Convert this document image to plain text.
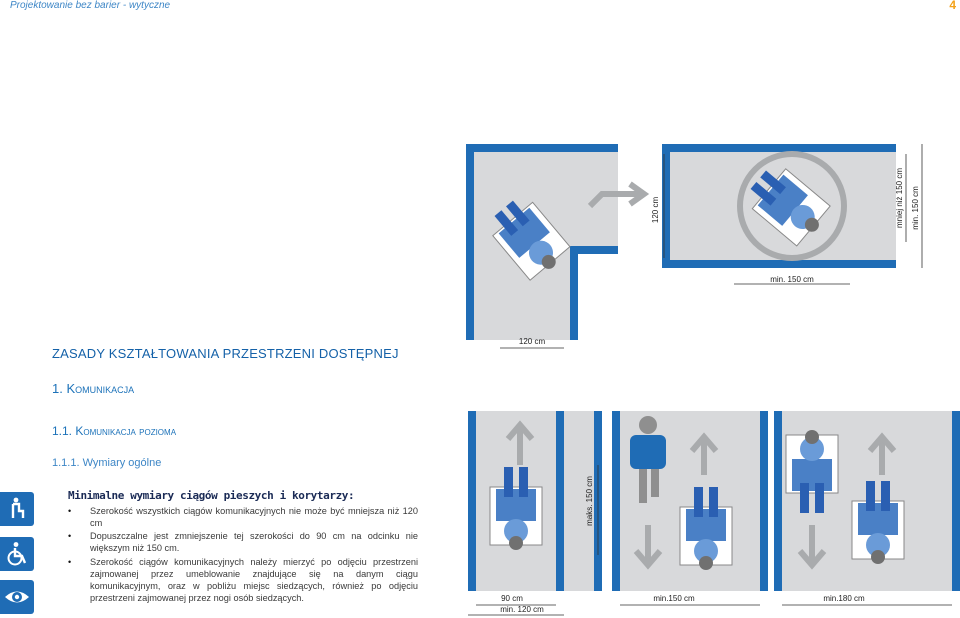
Projektowanie bez barier - wytyczne	4
120 cm	mniej niż 150 cm min. 150 cm
min. 150 cm
120 cm
ZASADY KSZTAŁTOWANIA PRZESTRZENI DOSTĘPNEJ
1. Komunikacja
1.1. Komunikacja pozioma
1.1.1. Wymiary ogólne
Minimalne wymiary ciągów pieszych i korytarzy:
• Szerokość wszystkich ciągów komunikacyjnych nie może być mniejsza niż 120 cm
• Dopuszczalne jest zmniejszenie tej szerokości do 90 cm na odcinku nie większym niż 150 cm.
• Szerokość ciągów komunikacyjnych należy mierzyć po odjęciu przestrzeni zajmowanej przez umeblowanie znajdujące się na danym ciągu komunikacyjnym, oraz w pobliżu miejsc siedzących, również po odjęciu przestrzeni zajmowanej przez nogi osób siedzących.
maks. 150 cm
90 cm
min. 120 cm
min.150 cm	min.180 cm
